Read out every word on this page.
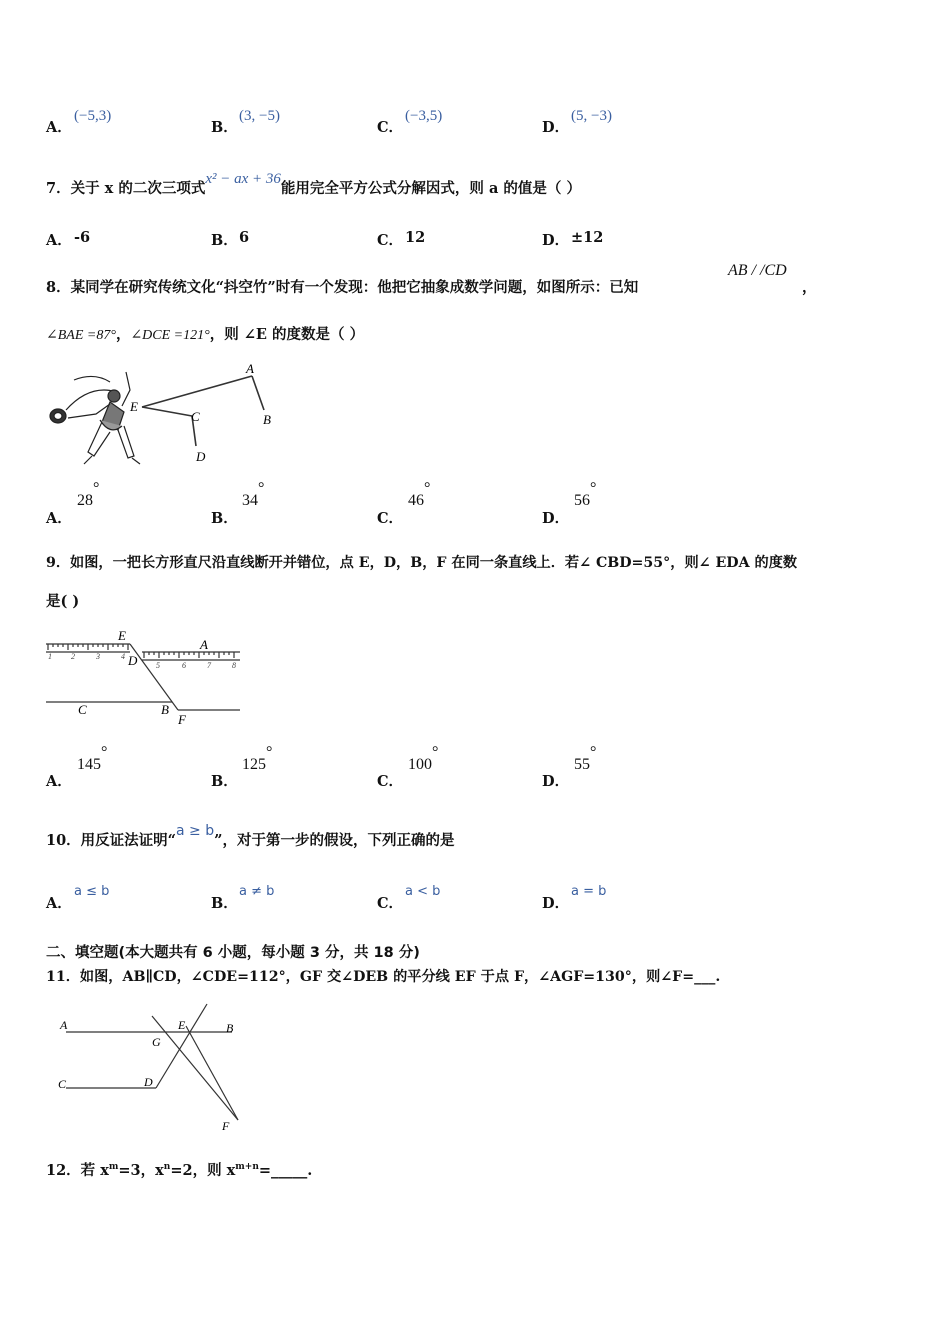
A．
(−5,3)
B．
(3, −5)
C．
(−3,5)
D．
(5, −3)
7．关于 x 的二次三项式x² − ax + 36能用完全平方公式分解因式，则 a 的值是（ ）
A． -6	B． 6	C． 12	D． ±12
8．某同学在研究传统文化“抖空竹”时有一个发现：他把它抽象成数学问题，如图所示：已知
AB / /CD
，
∠BAE =87°，∠DCE =121°，则 ∠E 的度数是（ ）
A
B
C
D
E
A．
28°
B．
34°
C．
46°
D．
56°
9．如图，一把长方形直尺沿直线断开并错位，点 E，D，B，F 在同一条直线上．若∠ CBD=55°，则∠ EDA 的度数
是( )
1 2	3	4
5	6	7	8
E
A
D
C	B
F
A．
145°
B．
125°
C．
100°
D．
55°
10．用反证法证明“a ≥ b”，对于第一步的假设，下列正确的是
A．
a ≤ b
B．
a ≠ b
C．
a < b
D．
a = b
二、填空题(本大题共有 6 小题，每小题 3 分，共 18 分)
11．如图，AB∥CD，∠CDE=112°，GF 交∠DEB 的平分线 EF 于点 F，∠AGF=130°，则∠F=___.
A	E	B
G
C	D
F
12．若 $x^m=3$，$x^n=2$，则 $x^{m+n}=\_\_\_\_\_$.
